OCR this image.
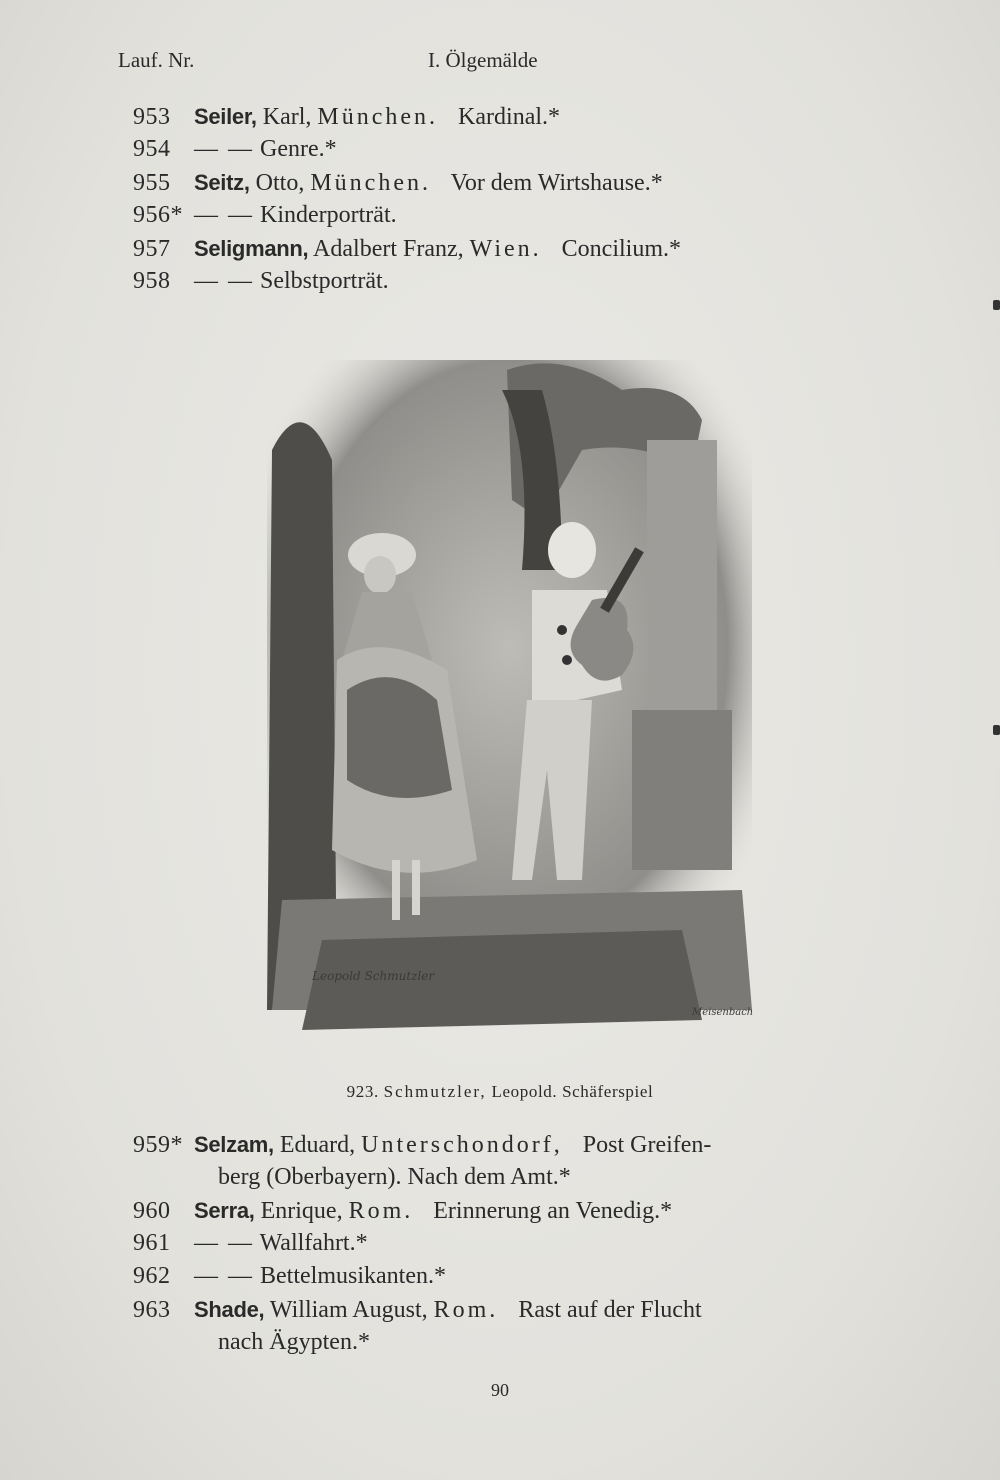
Lauf. Nr.	I. Ölgemälde
953 Seiler, Karl, München. Kardinal.*
954 — — Genre.*
955 Seitz, Otto, München. Vor dem Wirtshause.*
956* — — Kinderporträt.
957 Seligmann, Adalbert Franz, Wien. Concilium.*
958 — — Selbstporträt.
Leopold Schmutzler
Meisenbach
923. Schmutzler, Leopold. Schäferspiel
959* Selzam, Eduard, Unterschondorf, Post Greifen-
berg (Oberbayern). Nach dem Amt.*
960 Serra, Enrique, Rom. Erinnerung an Venedig.*
961 — — Wallfahrt.*
962 — — Bettelmusikanten.*
963 Shade, William August, Rom. Rast auf der Flucht
nach Ägypten.*
90
